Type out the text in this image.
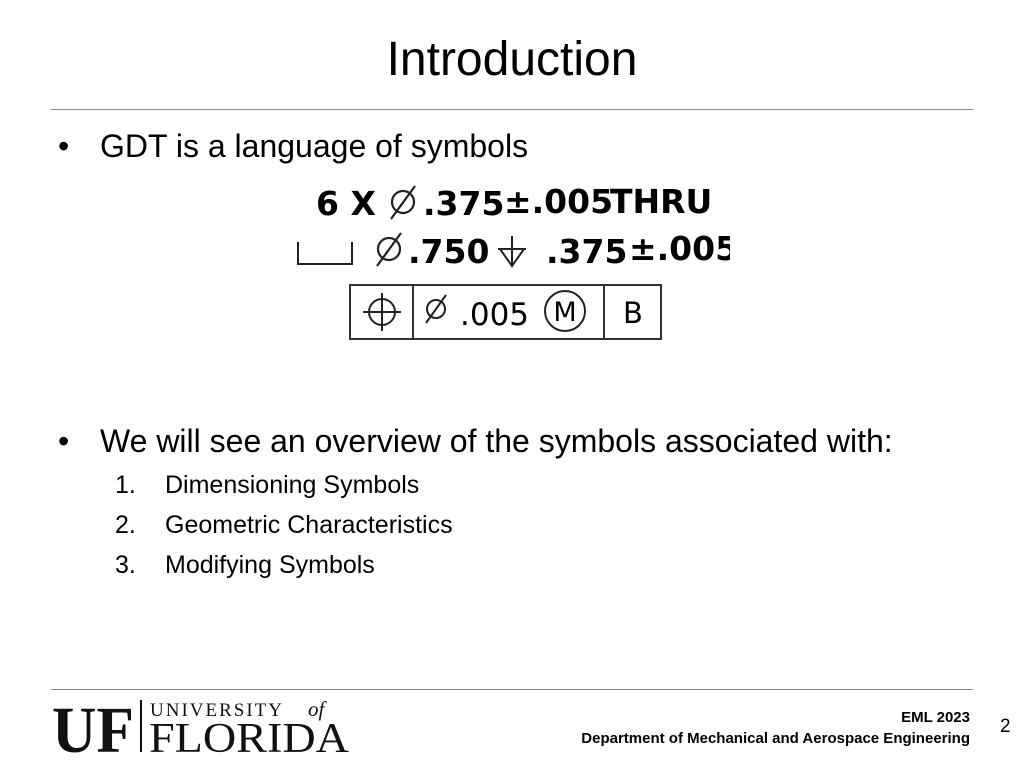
Introduction
• GDT is a language of symbols
6 X .375 ±.005
THRU
.750 .375 ±.005
.005 M B
• We will see an overview of the symbols associated with:
1. Dimensioning Symbols
2. Geometric Characteristics
3. Modifying Symbols
UF UNIVERSITY of
FLORIDA	EML 2023
Department of Mechanical and Aerospace Engineering
2
